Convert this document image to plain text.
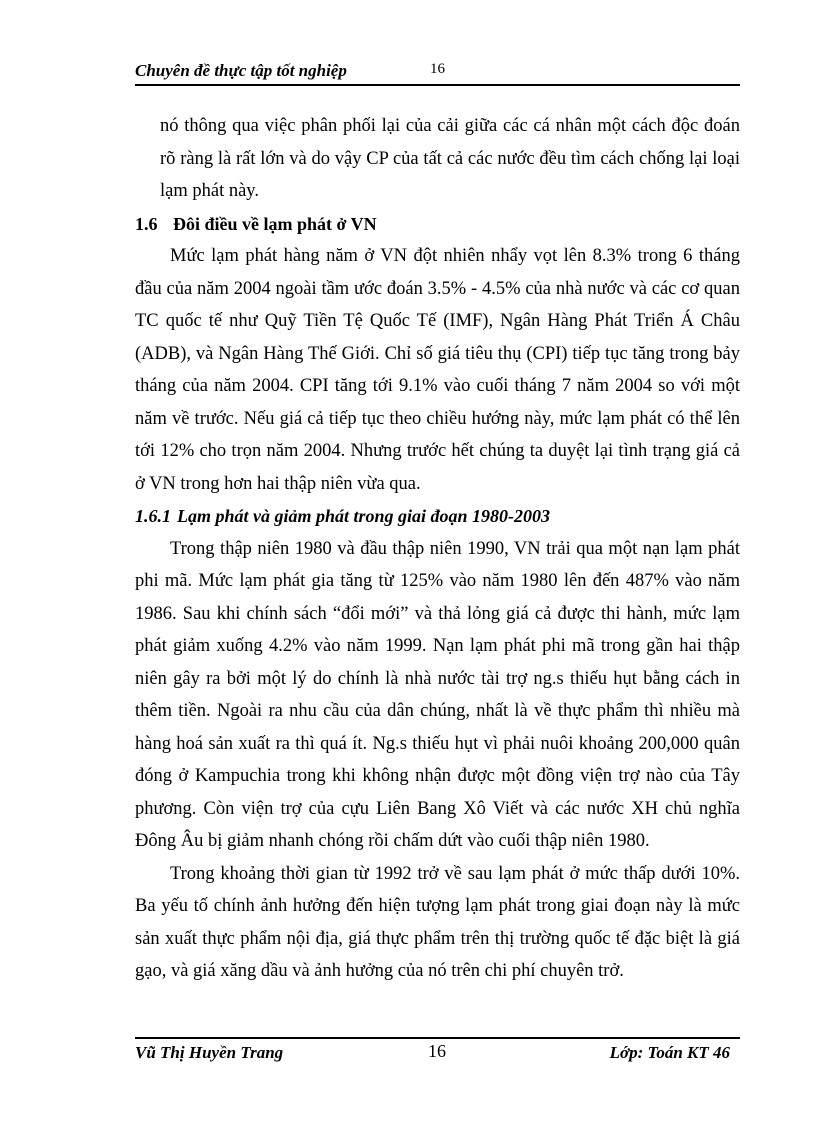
Chuyên đề thực tập tốt nghiệp	16

nó thông qua việc phân phối lại của cải giữa các cá nhân một cách độc đoán rõ ràng là rất lớn và do vậy CP của tất cả các nước đều tìm cách chống lại loại lạm phát này.

1.6 Đôi điều về lạm phát ở VN

Mức lạm phát hàng năm ở VN đột nhiên nhẩy vọt lên 8.3% trong 6 tháng đầu của năm 2004 ngoài tầm ước đoán 3.5% - 4.5% của nhà nước và các cơ quan TC quốc tế như Quỹ Tiền Tệ Quốc Tế (IMF), Ngân Hàng Phát Triển Á Châu (ADB), và Ngân Hàng Thế Giới. Chỉ số giá tiêu thụ (CPI) tiếp tục tăng trong bảy tháng của năm 2004. CPI tăng tới 9.1% vào cuối tháng 7 năm 2004 so với một năm về trước. Nếu giá cả tiếp tục theo chiều hướng này, mức lạm phát có thể lên tới 12% cho trọn năm 2004. Nhưng trước hết chúng ta duyệt lại tình trạng giá cả ở VN trong hơn hai thập niên vừa qua.

1.6.1 Lạm phát và giảm phát trong giai đoạn 1980-2003

Trong thập niên 1980 và đầu thập niên 1990, VN trải qua một nạn lạm phát phi mã. Mức lạm phát gia tăng từ 125% vào năm 1980 lên đến 487% vào năm 1986. Sau khi chính sách “đổi mới” và thả lỏng giá cả được thi hành, mức lạm phát giảm xuống 4.2% vào năm 1999. Nạn lạm phát phi mã trong gần hai thập niên gây ra bởi một lý do chính là nhà nước tài trợ ng.s thiếu hụt bằng cách in thêm tiền. Ngoài ra nhu cầu của dân chúng, nhất là về thực phẩm thì nhiều mà hàng hoá sản xuất ra thì quá ít. Ng.s thiếu hụt vì phải nuôi khoảng 200,000 quân đóng ở Kampuchia trong khi không nhận được một đồng viện trợ nào của Tây phương. Còn viện trợ của cựu Liên Bang Xô Viết và các nước XH chủ nghĩa Đông Âu bị giảm nhanh chóng rồi chấm dứt vào cuối thập niên 1980.

Trong khoảng thời gian từ 1992 trở về sau lạm phát ở mức thấp dưới 10%. Ba yếu tố chính ảnh hưởng đến hiện tượng lạm phát trong giai đoạn này là mức sản xuất thực phẩm nội địa, giá thực phẩm trên thị trường quốc tế đặc biệt là giá gạo, và giá xăng dầu và ảnh hưởng của nó trên chi phí chuyên trở.

Vũ Thị Huyền Trang	16	Lớp: Toán KT 46
